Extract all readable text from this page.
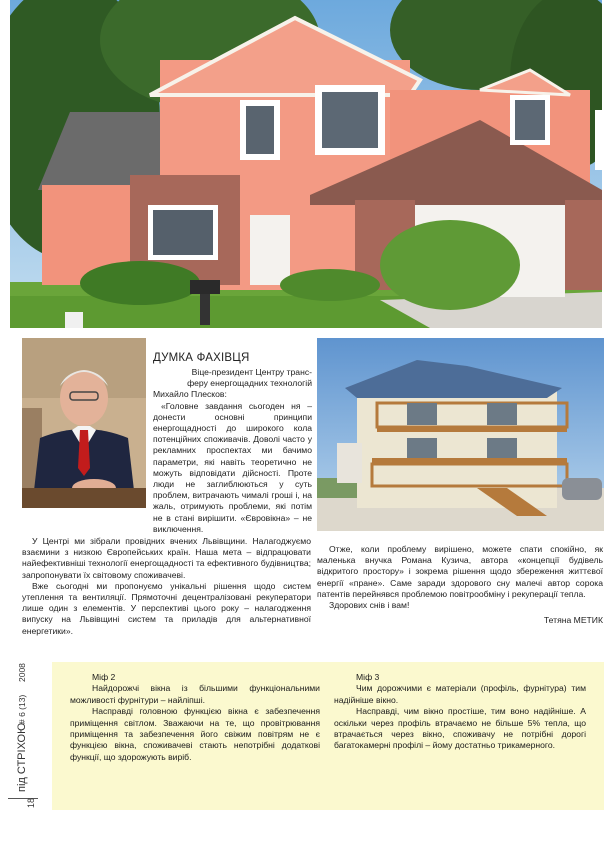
ДУМКА ФАХІВЦЯ

Віце-президент Центру транс-

феру енергощадних технологій

Михайло Плесков:

«Головне завдання сьогоден ня – донести основні принципи енергощадності до широкого кола потенційних споживачів. Доволі часто у рекламних проспектах ми бачимо параметри, які навіть теоретично не можуть відповідати дійсності. Проте люди не заглиблюються у суть проблем, витрачають чималі гроші і, на жаль, отримують проблеми, які потім не в стані вирішити. «Євровікна» – не виключення.

У Центрі ми зібрали провідних вчених Львівщини. Налагоджуємо взаємини з низкою Європейських країн. Наша мета – відпрацювати найефективніші технології енергощадності та ефективного будівництва; запропонувати їх світовому споживачеві.

Вже сьогодні ми пропонуємо унікальні рішення щодо систем утеплення та вентиляції. Прямоточні децентралізовані рекуператори лише один з елементів. У перспективі цього року – налагодження випуску на Львівщині систем та приладів для альтернативної енергетики».

Отже, коли проблему вирішено, можете спати спокійно, як маленька внучка Романа Кузича, автора «концепції будівель відкритого простору» і зокрема рішення щодо збереження життєвої енергії «пране». Саме заради здорового сну малечі автор сорока патентів перейнявся проблемою повітрообміну і рекуперації тепла.

Здорових снів і вам!

Тетяна МЕТИК

Міф 2

Найдорожчі вікна із більшими функціональними можливості фурнітури – найліпші.

Насправді головною функцією вікна є забезпечення приміщення світлом. Зважаючи на те, що провітрювання приміщення та забезпечення його свіжим повітрям не є функцією вікна, споживачеві стають непотрібні додаткові функції, що здорожують виріб.

Міф 3

Чим дорожчими є матеріали (профіль, фурнітура) тим надійніше вікно.

Насправді, чим вікно простіше, тим воно надійніше. А оскільки через профіль втрачаємо не більше 5% тепла, що втрачається через вікно, споживачу не потрібні дорогі багатокамерні профілі – йому достатньо трикамерного.

під СТРІХОЮ
# 6 (13)
2008
18
